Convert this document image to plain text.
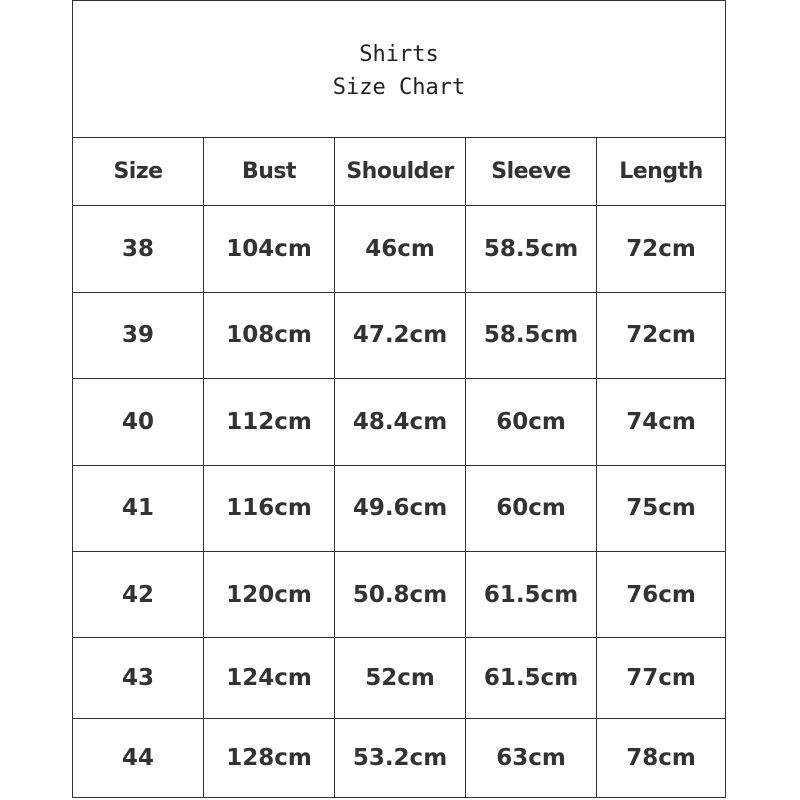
Shirts
Size Chart
Size	Bust	Shoulder	Sleeve	Length
38	104cm	46cm	58.5cm	72cm
39	108cm	47.2cm	58.5cm	72cm
40	112cm	48.4cm	60cm	74cm
41	116cm	49.6cm	60cm	75cm
42	120cm	50.8cm	61.5cm	76cm
43	124cm	52cm	61.5cm	77cm
44	128cm	53.2cm	63cm	78cm
